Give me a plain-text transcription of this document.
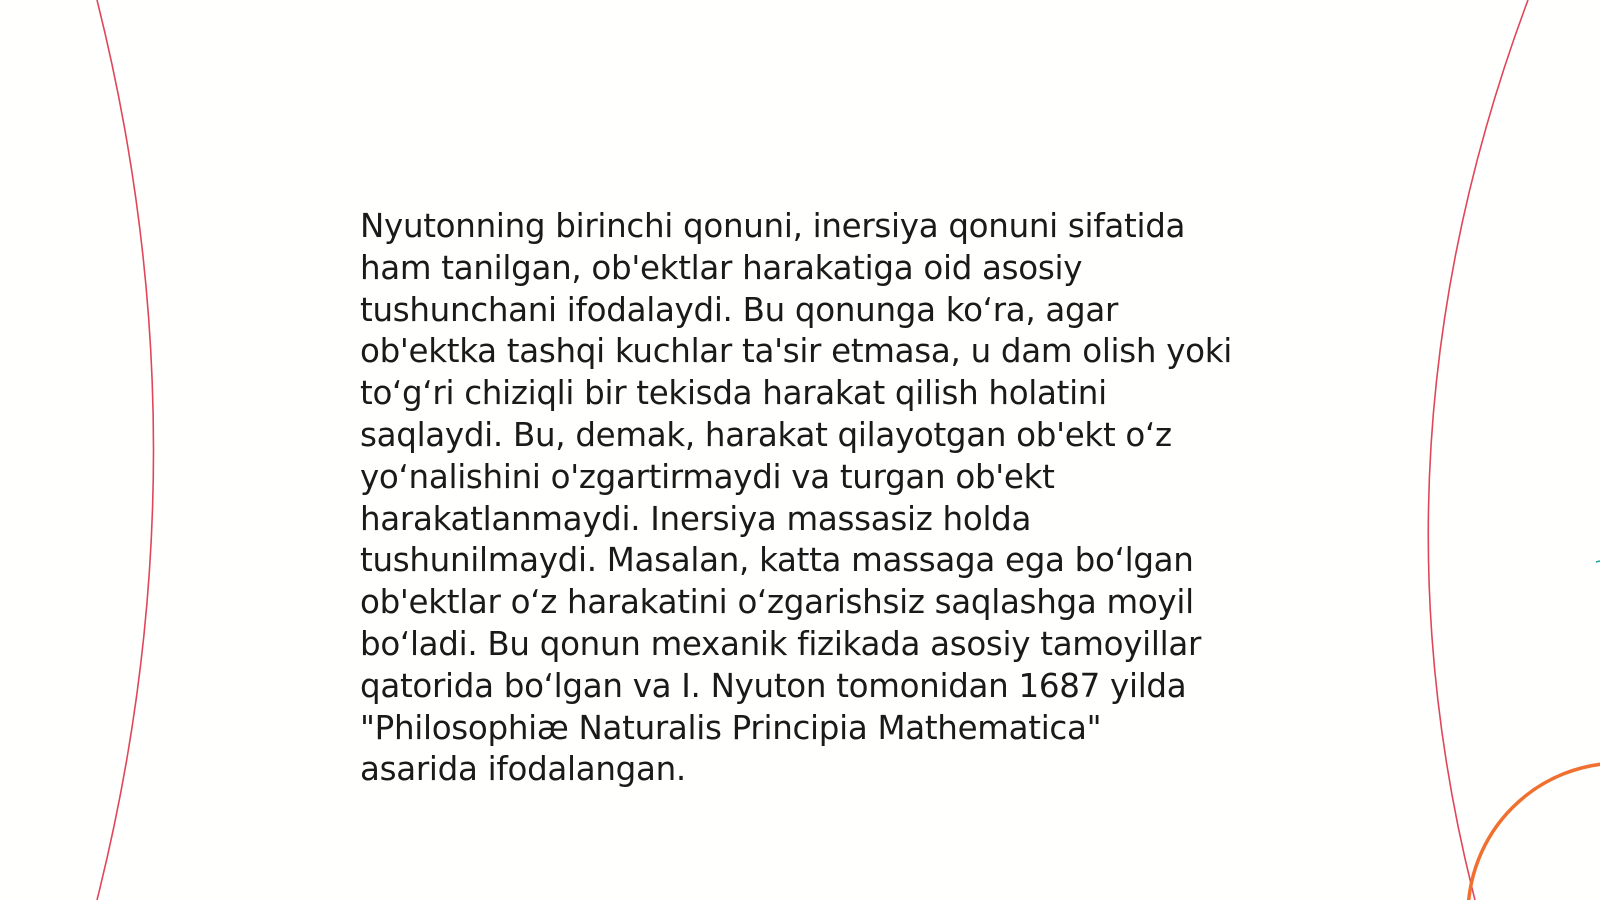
Nyutonning birinchi qonuni, inersiya qonuni sifatida
ham tanilgan, ob'ektlar harakatiga oid asosiy
tushunchani ifodalaydi. Bu qonunga koʻra, agar
ob'ektka tashqi kuchlar ta'sir etmasa, u dam olish yoki
toʻgʻri chiziqli bir tekisda harakat qilish holatini
saqlaydi. Bu, demak, harakat qilayotgan ob'ekt oʻz
yoʻnalishini o'zgartirmaydi va turgan ob'ekt
harakatlanmaydi. Inersiya massasiz holda
tushunilmaydi. Masalan, katta massaga ega boʻlgan
ob'ektlar oʻz harakatini oʻzgarishsiz saqlashga moyil
boʻladi. Bu qonun mexanik fizikada asosiy tamoyillar
qatorida boʻlgan va I. Nyuton tomonidan 1687 yilda
"Philosophiæ Naturalis Principia Mathematica"
asarida ifodalangan.
